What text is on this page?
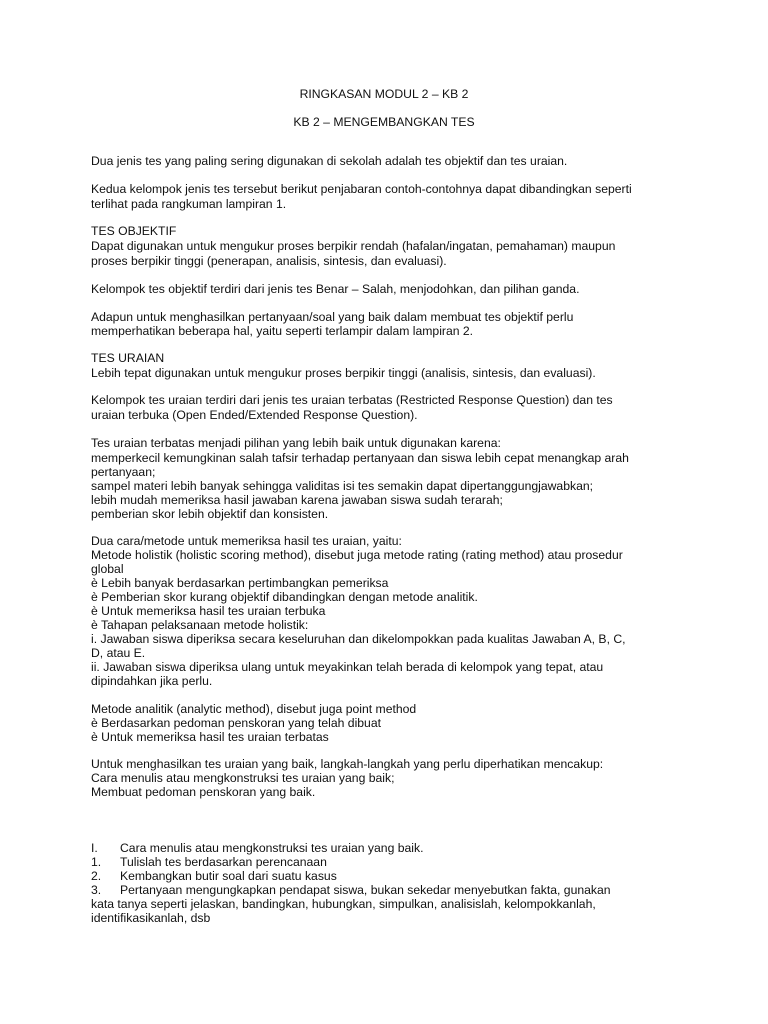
RINGKASAN MODUL 2 – KB 2
KB 2 – MENGEMBANGKAN TES
Dua jenis tes yang paling sering digunakan di sekolah adalah tes objektif dan tes uraian.
Kedua kelompok jenis tes tersebut berikut penjabaran contoh-contohnya dapat dibandingkan seperti
terlihat pada rangkuman lampiran 1.
TES OBJEKTIF
Dapat digunakan untuk mengukur proses berpikir rendah (hafalan/ingatan, pemahaman) maupun
proses berpikir tinggi (penerapan, analisis, sintesis, dan evaluasi).
Kelompok tes objektif terdiri dari jenis tes Benar – Salah, menjodohkan, dan pilihan ganda.
Adapun untuk menghasilkan pertanyaan/soal yang baik dalam membuat tes objektif perlu
memperhatikan beberapa hal, yaitu seperti terlampir dalam lampiran 2.
TES URAIAN
Lebih tepat digunakan untuk mengukur proses berpikir tinggi (analisis, sintesis, dan evaluasi).
Kelompok tes uraian terdiri dari jenis tes uraian terbatas (Restricted Response Question) dan tes
uraian terbuka (Open Ended/Extended Response Question).
Tes uraian terbatas menjadi pilihan yang lebih baik untuk digunakan karena:
memperkecil kemungkinan salah tafsir terhadap pertanyaan dan siswa lebih cepat menangkap arah
pertanyaan;
sampel materi lebih banyak sehingga validitas isi tes semakin dapat dipertanggungjawabkan;
lebih mudah memeriksa hasil jawaban karena jawaban siswa sudah terarah;
pemberian skor lebih objektif dan konsisten.
Dua cara/metode untuk memeriksa hasil tes uraian, yaitu:
Metode holistik (holistic scoring method), disebut juga metode rating (rating method) atau prosedur
global
è Lebih banyak berdasarkan pertimbangkan pemeriksa
è Pemberian skor kurang objektif dibandingkan dengan metode analitik.
è Untuk memeriksa hasil tes uraian terbuka
è Tahapan pelaksanaan metode holistik:
i. Jawaban siswa diperiksa secara keseluruhan dan dikelompokkan pada kualitas Jawaban A, B, C,
D, atau E.
ii. Jawaban siswa diperiksa ulang untuk meyakinkan telah berada di kelompok yang tepat, atau
dipindahkan jika perlu.
Metode analitik (analytic method), disebut juga point method
è Berdasarkan pedoman penskoran yang telah dibuat
è Untuk memeriksa hasil tes uraian terbatas
Untuk menghasilkan tes uraian yang baik, langkah-langkah yang perlu diperhatikan mencakup:
Cara menulis atau mengkonstruksi tes uraian yang baik;
Membuat pedoman penskoran yang baik.
I. Cara menulis atau mengkonstruksi tes uraian yang baik.
1. Tulislah tes berdasarkan perencanaan
2. Kembangkan butir soal dari suatu kasus
3. Pertanyaan mengungkapkan pendapat siswa, bukan sekedar menyebutkan fakta, gunakan
kata tanya seperti jelaskan, bandingkan, hubungkan, simpulkan, analisislah, kelompokkanlah,
identifikasikanlah, dsb
